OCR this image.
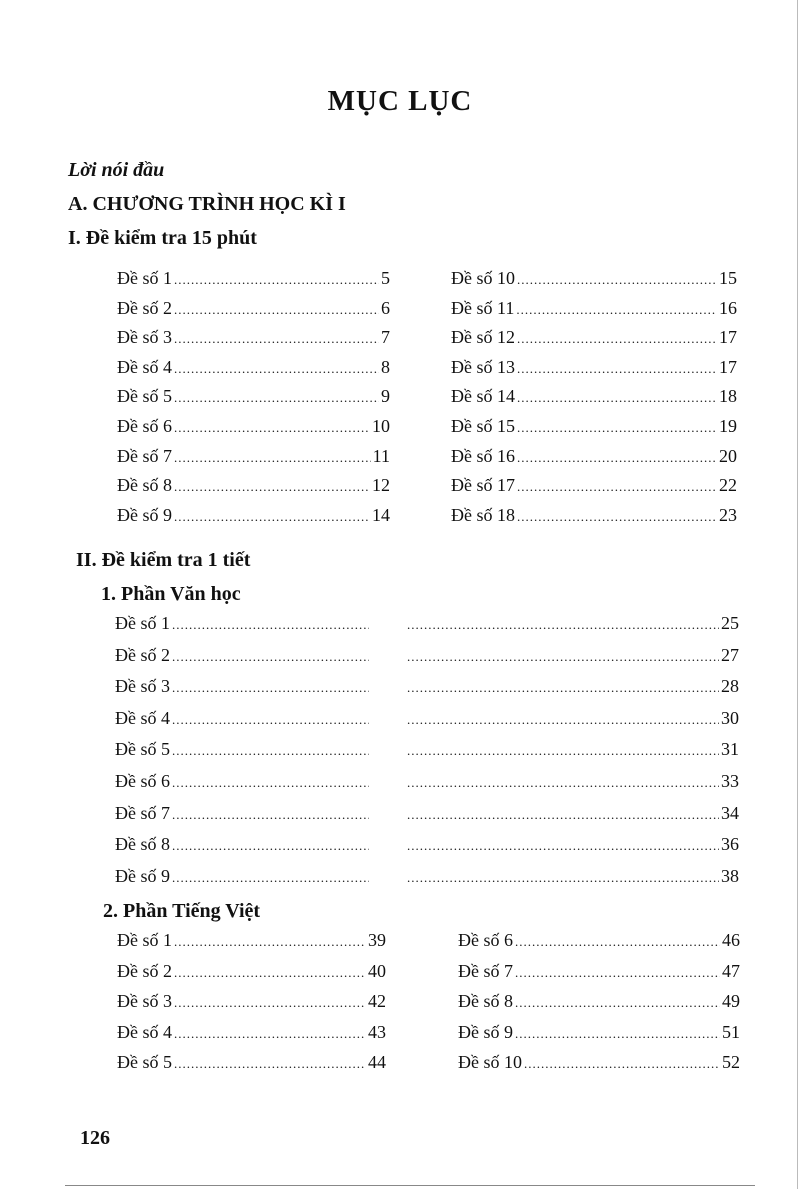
MỤC LỤC
Lời nói đầu
A. CHƯƠNG TRÌNH HỌC KÌ I
I. Đề kiểm tra 15 phút
Đề số 1 .....	5
Đề số 2 .....	6
Đề số 3 .....	7
Đề số 4 .....	8
Đề số 5 .....	9
Đề số 6 .....	10
Đề số 7 .....	11
Đề số 8 .....	12
Đề số 9 .....	14
Đề số 10 .....	15
Đề số 11 .....	16
Đề số 12 .....	17
Đề số 13 .....	17
Đề số 14 .....	18
Đề số 15 .....	19
Đề số 16 .....	20
Đề số 17 .....	22
Đề số 18 .....	23
II. Đề kiểm tra 1 tiết
1. Phần Văn học
Đề số 1 ..... .....	25
Đề số 2 ..... .....	27
Đề số 3 ..... .....	28
Đề số 4 ..... .....	30
Đề số 5 ..... .....	31
Đề số 6 ..... .....	33
Đề số 7 ..... .....	34
Đề số 8 ..... .....	36
Đề số 9 ..... .....	38
2. Phần Tiếng Việt
Đề số 1 .....	39
Đề số 2 .....	40
Đề số 3 .....	42
Đề số 4 .....	43
Đề số 5 .....	44
Đề số 6 .....	46
Đề số 7 .....	47
Đề số 8 .....	49
Đề số 9 .....	51
Đề số 10 .....	52
126
